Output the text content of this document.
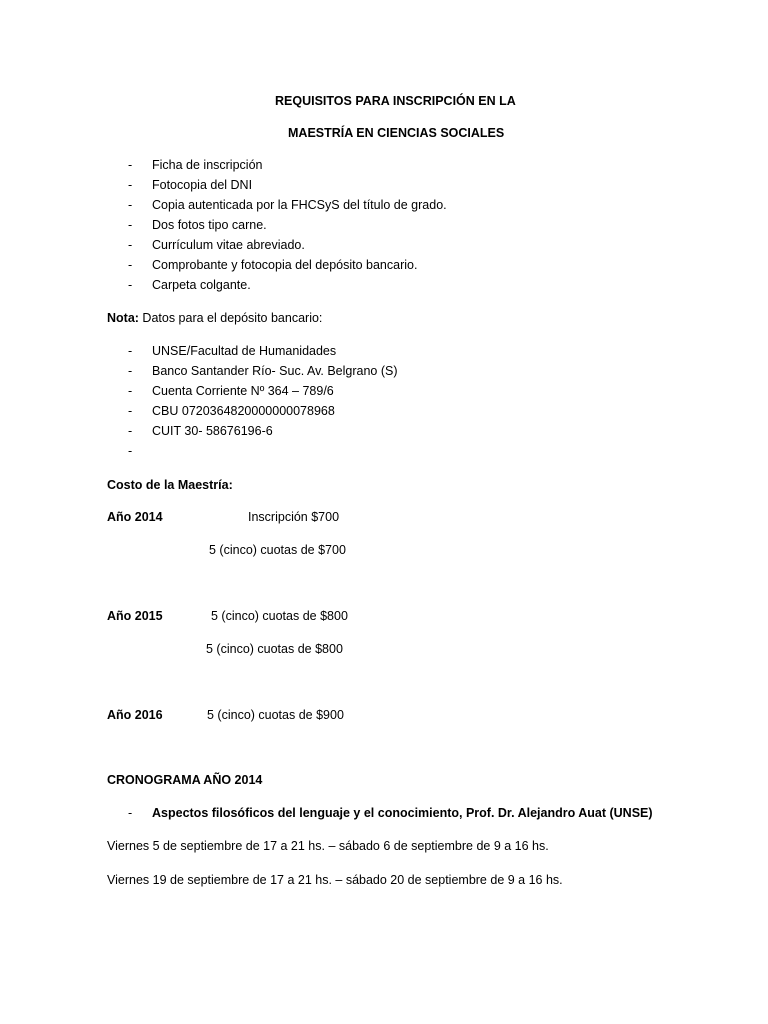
REQUISITOS PARA INSCRIPCIÓN EN LA
MAESTRÍA EN CIENCIAS SOCIALES
- Ficha de inscripción
- Fotocopia del DNI
- Copia autenticada por la FHCSyS del título de grado.
- Dos fotos tipo carne.
- Currículum vitae abreviado.
- Comprobante y fotocopia del depósito bancario.
- Carpeta colgante.
Nota: Datos para el depósito bancario:
- UNSE/Facultad de Humanidades
- Banco Santander Río- Suc. Av. Belgrano (S)
- Cuenta Corriente Nº 364 – 789/6
- CBU 0720364820000000078968
- CUIT 30- 58676196-6
-
Costo de la Maestría:
Año 2014	Inscripción $700
5 (cinco) cuotas de $700
Año 2015	5 (cinco) cuotas de $800
5 (cinco) cuotas de $800
Año 2016	5 (cinco) cuotas de $900
CRONOGRAMA AÑO 2014
- Aspectos filosóficos del lenguaje y el conocimiento, Prof. Dr. Alejandro Auat (UNSE)
Viernes 5 de septiembre de 17 a 21 hs. – sábado 6 de septiembre de 9 a 16 hs.
Viernes 19 de septiembre de 17 a 21 hs. – sábado 20 de septiembre de 9 a 16 hs.
